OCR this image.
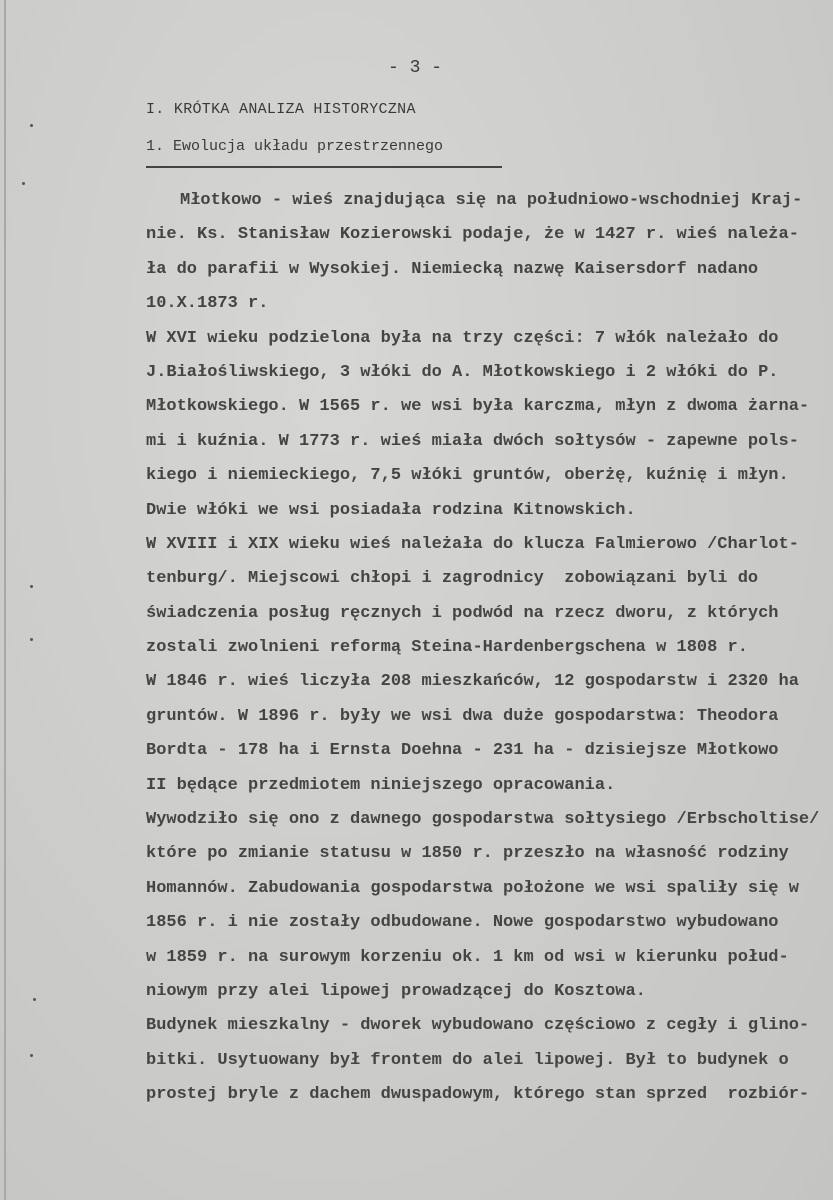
- 3 -
I. KRÓTKA ANALIZA HISTORYCZNA
1. Ewolucja układu przestrzennego
Młotkowo - wieś znajdująca się na południowo-wschodniej Kraj-
nie. Ks. Stanisław Kozierowski podaje, że w 1427 r. wieś należa-
ła do parafii w Wysokiej. Niemiecką nazwę Kaisersdorf nadano
10.X.1873 r.
W XVI wieku podzielona była na trzy części: 7 włók należało do
J.Białośliwskiego, 3 włóki do A. Młotkowskiego i 2 włóki do P.
Młotkowskiego. W 1565 r. we wsi była karczma, młyn z dwoma żarna-
mi i kuźnia. W 1773 r. wieś miała dwóch sołtysów - zapewne pols-
kiego i niemieckiego, 7,5 włóki gruntów, oberżę, kuźnię i młyn.
Dwie włóki we wsi posiadała rodzina Kitnowskich.
W XVIII i XIX wieku wieś należała do klucza Falmierowo /Charlot-
tenburg/. Miejscowi chłopi i zagrodnicy  zobowiązani byli do
świadczenia posług ręcznych i podwód na rzecz dworu, z których
zostali zwolnieni reformą Steina-Hardenbergschena w 1808 r.
W 1846 r. wieś liczyła 208 mieszkańców, 12 gospodarstw i 2320 ha
gruntów. W 1896 r. były we wsi dwa duże gospodarstwa: Theodora
Bordta - 178 ha i Ernsta Doehna - 231 ha - dzisiejsze Młotkowo
II będące przedmiotem niniejszego opracowania.
Wywodziło się ono z dawnego gospodarstwa sołtysiego /Erbscholtise/
które po zmianie statusu w 1850 r. przeszło na własność rodziny
Homannów. Zabudowania gospodarstwa położone we wsi spaliły się w
1856 r. i nie zostały odbudowane. Nowe gospodarstwo wybudowano
w 1859 r. na surowym korzeniu ok. 1 km od wsi w kierunku połud-
niowym przy alei lipowej prowadzącej do Kosztowa.
Budynek mieszkalny - dworek wybudowano częściowo z cegły i glino-
bitki. Usytuowany był frontem do alei lipowej. Był to budynek o
prostej bryle z dachem dwuspadowym, którego stan sprzed  rozbiór-
